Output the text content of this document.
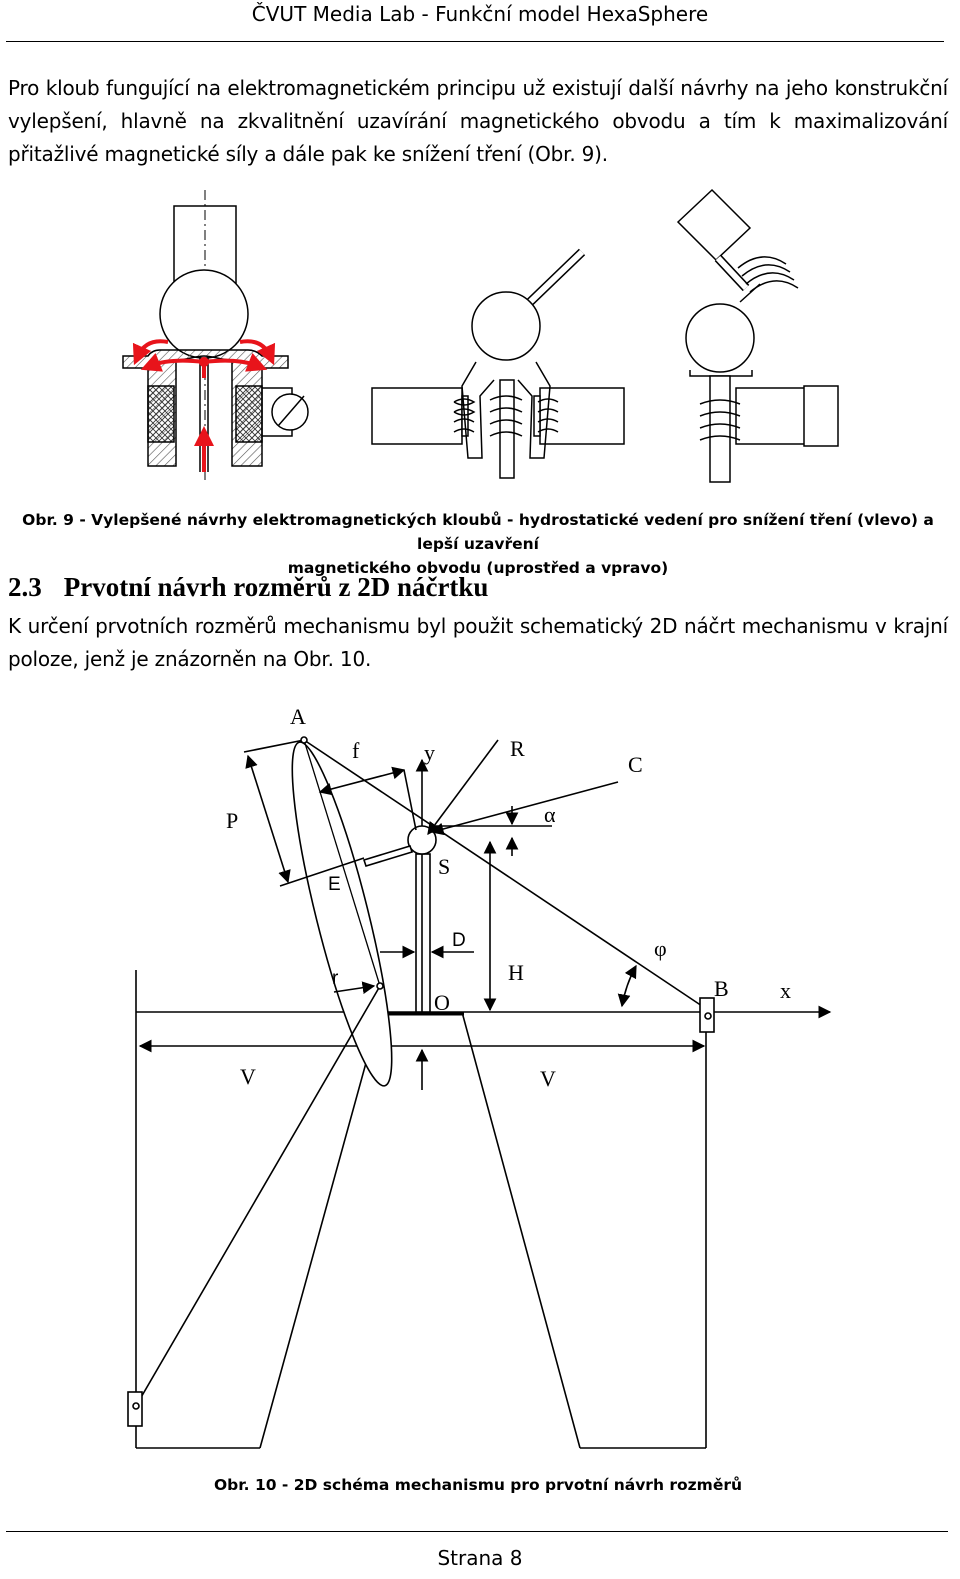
ČVUT Media Lab - Funkční model HexaSphere

Pro kloub fungující na elektromagnetickém principu už existují další návrhy na jeho konstrukční vylepšení, hlavně na zkvalitnění uzavírání magnetického obvodu a tím k maximalizování přitažlivé magnetické síly a dále pak ke snížení tření (Obr. 9).

Obr. 9 - Vylepšené návrhy elektromagnetických kloubů - hydrostatické vedení pro snížení tření (vlevo) a lepší uzavření
magnetického obvodu (uprostřed a vpravo)
2.3 Prvotní návrh rozměrů z 2D náčrtku

K určení prvotních rozměrů mechanismu byl použit schematický 2D náčrt mechanismu v krajní poloze, jenž je znázorněn na Obr. 10.

A
f	y	R
C
P	α
S
E
D	φ
r	H
B x
O
V	V
Obr. 10 - 2D schéma mechanismu pro prvotní návrh rozměrů
Strana 8
